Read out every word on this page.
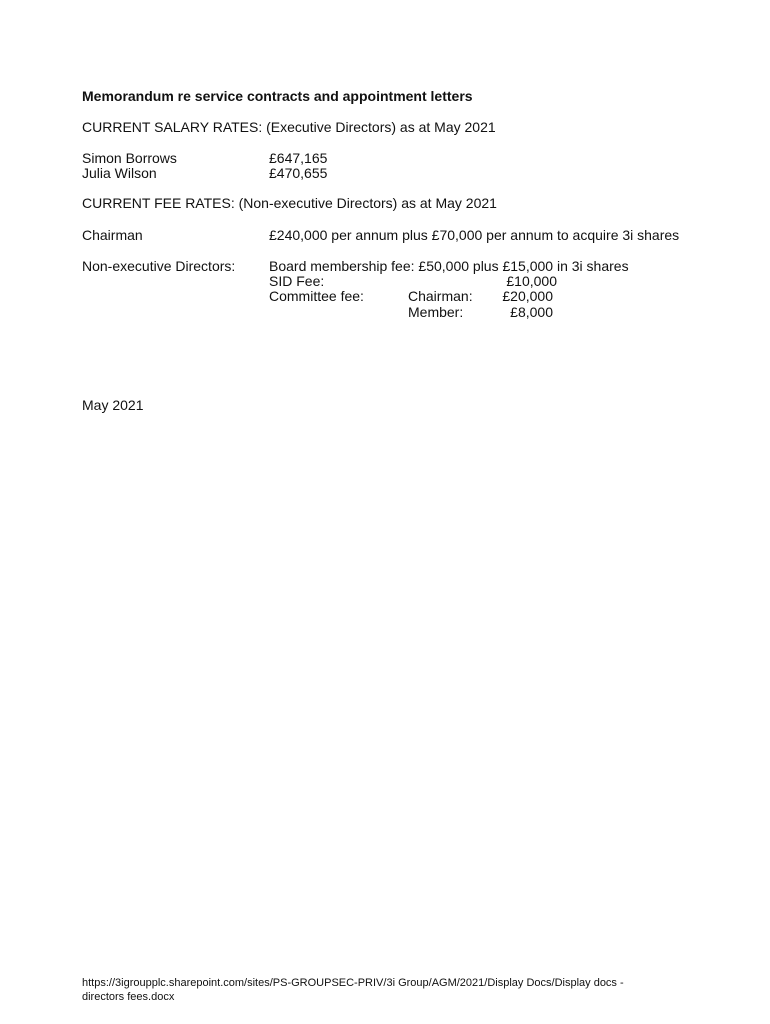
Memorandum re service contracts and appointment letters
CURRENT SALARY RATES: (Executive Directors) as at May 2021
Simon Borrows	£647,165
Julia Wilson	£470,655
CURRENT FEE RATES: (Non-executive Directors) as at May 2021
Chairman	£240,000 per annum plus £70,000 per annum to acquire 3i shares
Non-executive Directors: Board membership fee: £50,000 plus £15,000 in 3i shares
SID Fee:	£10,000
Committee fee:	Chairman:	£20,000
Member:	£8,000
May 2021
https://3igroupplc.sharepoint.com/sites/PS-GROUPSEC-PRIV/3i Group/AGM/2021/Display Docs/Display docs -
directors fees.docx
